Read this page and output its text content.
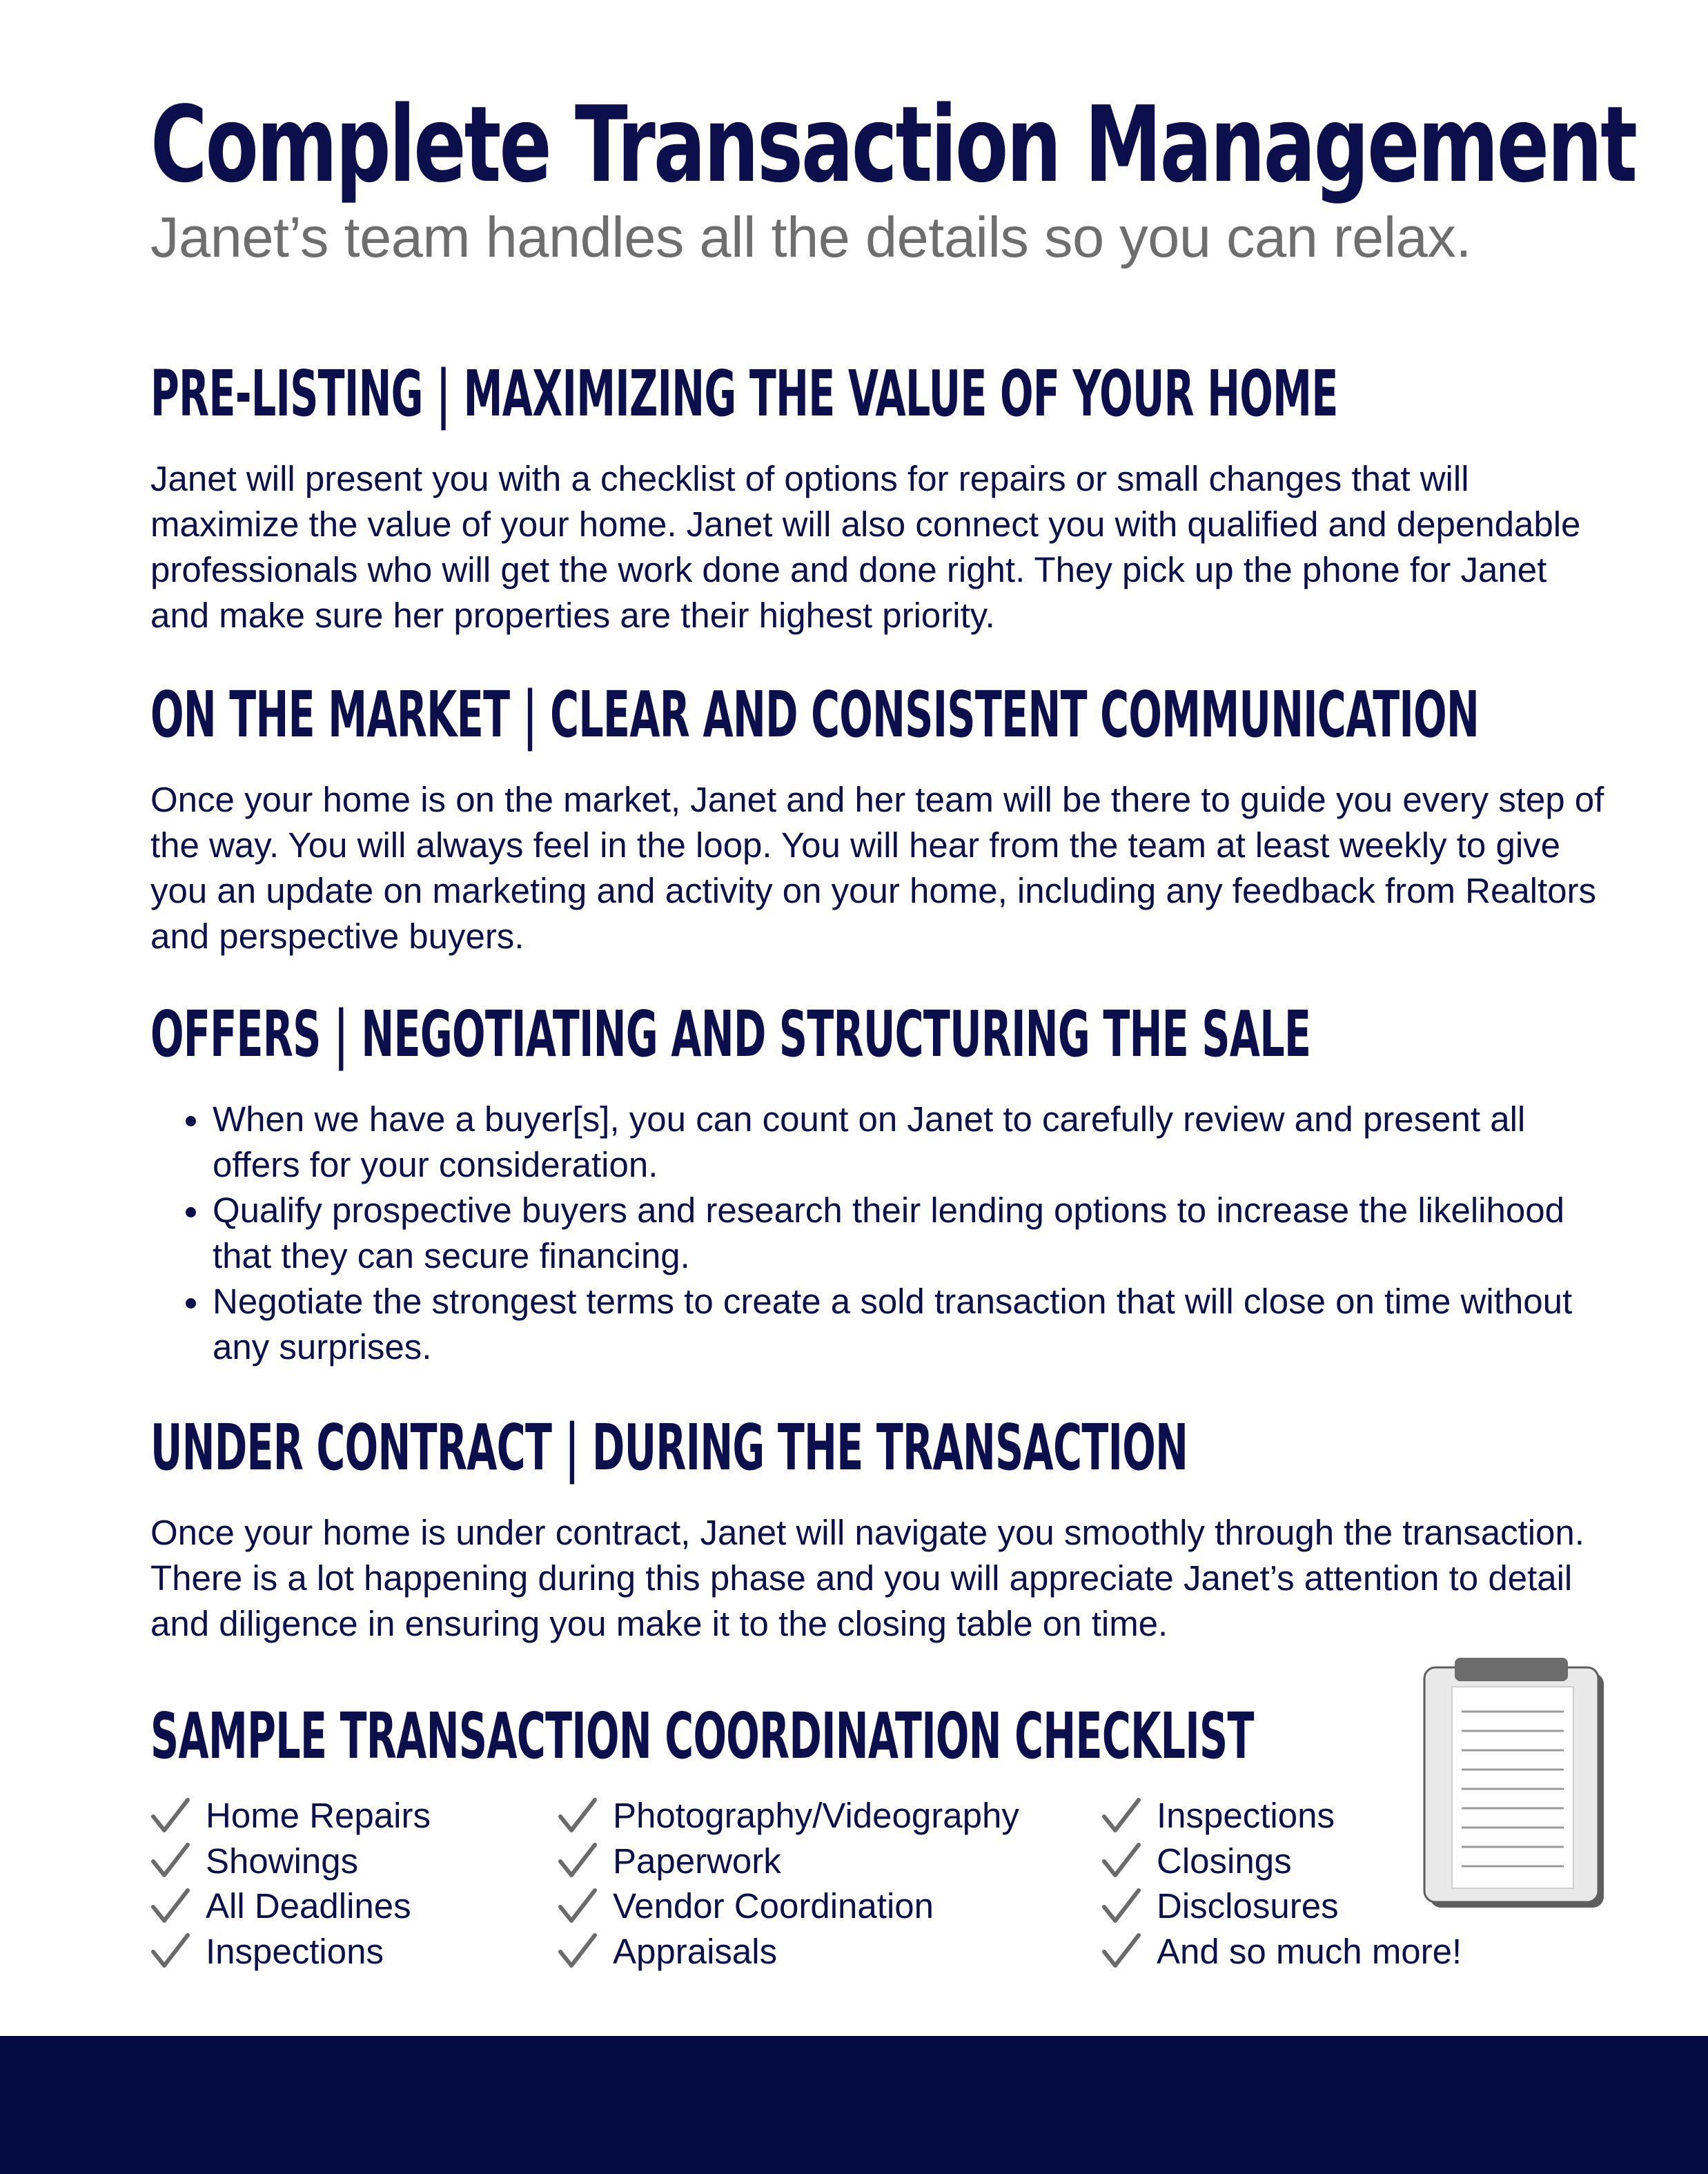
Complete Transaction Management

Janet’s team handles all the details so you can relax.

PRE-LISTING | MAXIMIZING THE VALUE OF YOUR HOME

Janet will present you with a checklist of options for repairs or small changes that will maximize the value of your home. Janet will also connect you with qualified and dependable professionals who will get the work done and done right. They pick up the phone for Janet and make sure her properties are their highest priority.

ON THE MARKET | CLEAR AND CONSISTENT COMMUNICATION

Once your home is on the market, Janet and her team will be there to guide you every step of the way. You will always feel in the loop. You will hear from the team at least weekly to give you an update on marketing and activity on your home, including any feedback from Realtors and perspective buyers.

OFFERS | NEGOTIATING AND STRUCTURING THE SALE
• When we have a buyer[s], you can count on Janet to carefully review and present all offers for your consideration.
• Qualify prospective buyers and research their lending options to increase the likelihood that they can secure financing.
• Negotiate the strongest terms to create a sold transaction that will close on time without any surprises.
UNDER CONTRACT | DURING THE TRANSACTION

Once your home is under contract, Janet will navigate you smoothly through the transaction. There is a lot happening during this phase and you will appreciate Janet’s attention to detail and diligence in ensuring you make it to the closing table on time.

SAMPLE TRANSACTION COORDINATION CHECKLIST
Home Repairs
Showings
All Deadlines
Inspections
Photography/Videography
Paperwork
Vendor Coordination
Appraisals
Inspections
Closings
Disclosures
And so much more!
